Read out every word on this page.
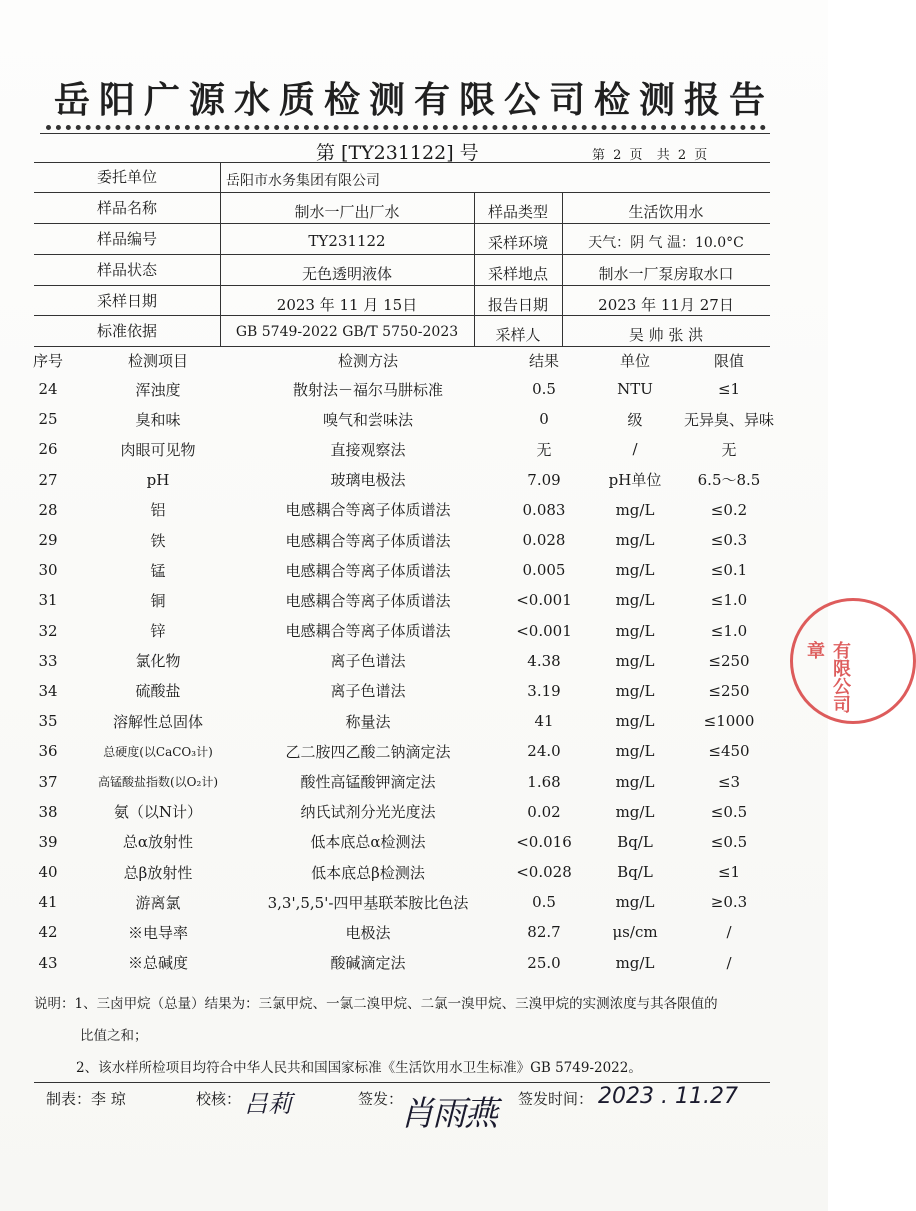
岳阳广源水质检测有限公司检测报告
第 [TY231122] 号	第 2 页 共 2 页
委托单位	岳阳市水务集团有限公司
样品名称	制水一厂出厂水	样品类型	生活饮用水
样品编号	TY231122	采样环境	天气：阴 气 温：10.0°C
样品状态	无色透明液体	采样地点	制水一厂泵房取水口
采样日期	2023 年 11 月 15日	报告日期	2023 年 11月 27日
标准依据	GB 5749-2022 GB/T 5750-2023	采样人	吴 帅 张 洪
序号	检测项目	检测方法	结果	单位	限值
24	浑浊度	散射法－福尔马肼标准	0.5	NTU	≤1
25	臭和味	嗅气和尝味法	0	级	无异臭、异味
26	肉眼可见物	直接观察法	无	/	无
27	pH	玻璃电极法	7.09	pH单位	6.5～8.5
28	铝	电感耦合等离子体质谱法	0.083	mg/L	≤0.2
29	铁	电感耦合等离子体质谱法	0.028	mg/L	≤0.3
30	锰	电感耦合等离子体质谱法	0.005	mg/L	≤0.1
31	铜	电感耦合等离子体质谱法	<0.001	mg/L	≤1.0
32	锌	电感耦合等离子体质谱法	<0.001	mg/L	≤1.0
33	氯化物	离子色谱法	4.38	mg/L	≤250
34	硫酸盐	离子色谱法	3.19	mg/L	≤250
35	溶解性总固体	称量法	41	mg/L	≤1000
36	总硬度(以CaCO₃计)	乙二胺四乙酸二钠滴定法	24.0	mg/L	≤450
37	高锰酸盐指数(以O₂计)	酸性高锰酸钾滴定法	1.68	mg/L	≤3
38	氨（以N计）	纳氏试剂分光光度法	0.02	mg/L	≤0.5
39	总α放射性	低本底总α检测法	<0.016	Bq/L	≤0.5
40	总β放射性	低本底总β检测法	<0.028	Bq/L	≤1
41	游离氯	3,3',5,5'-四甲基联苯胺比色法	0.5	mg/L	≥0.3
42	※电导率	电极法	82.7	μs/cm	/
43	※总碱度	酸碱滴定法	25.0	mg/L	/

说明：1、三卤甲烷（总量）结果为：三氯甲烷、一氯二溴甲烷、二氯一溴甲烷、三溴甲烷的实测浓度与其各限值的

比值之和；

2、该水样所检项目均符合中华人民共和国国家标准《生活饮用水卫生标准》GB 5749-2022。

制表：李 琼	校核： 吕莉	签发：
肖雨燕 签发时间： 2023 . 11.27
有限公司 章
